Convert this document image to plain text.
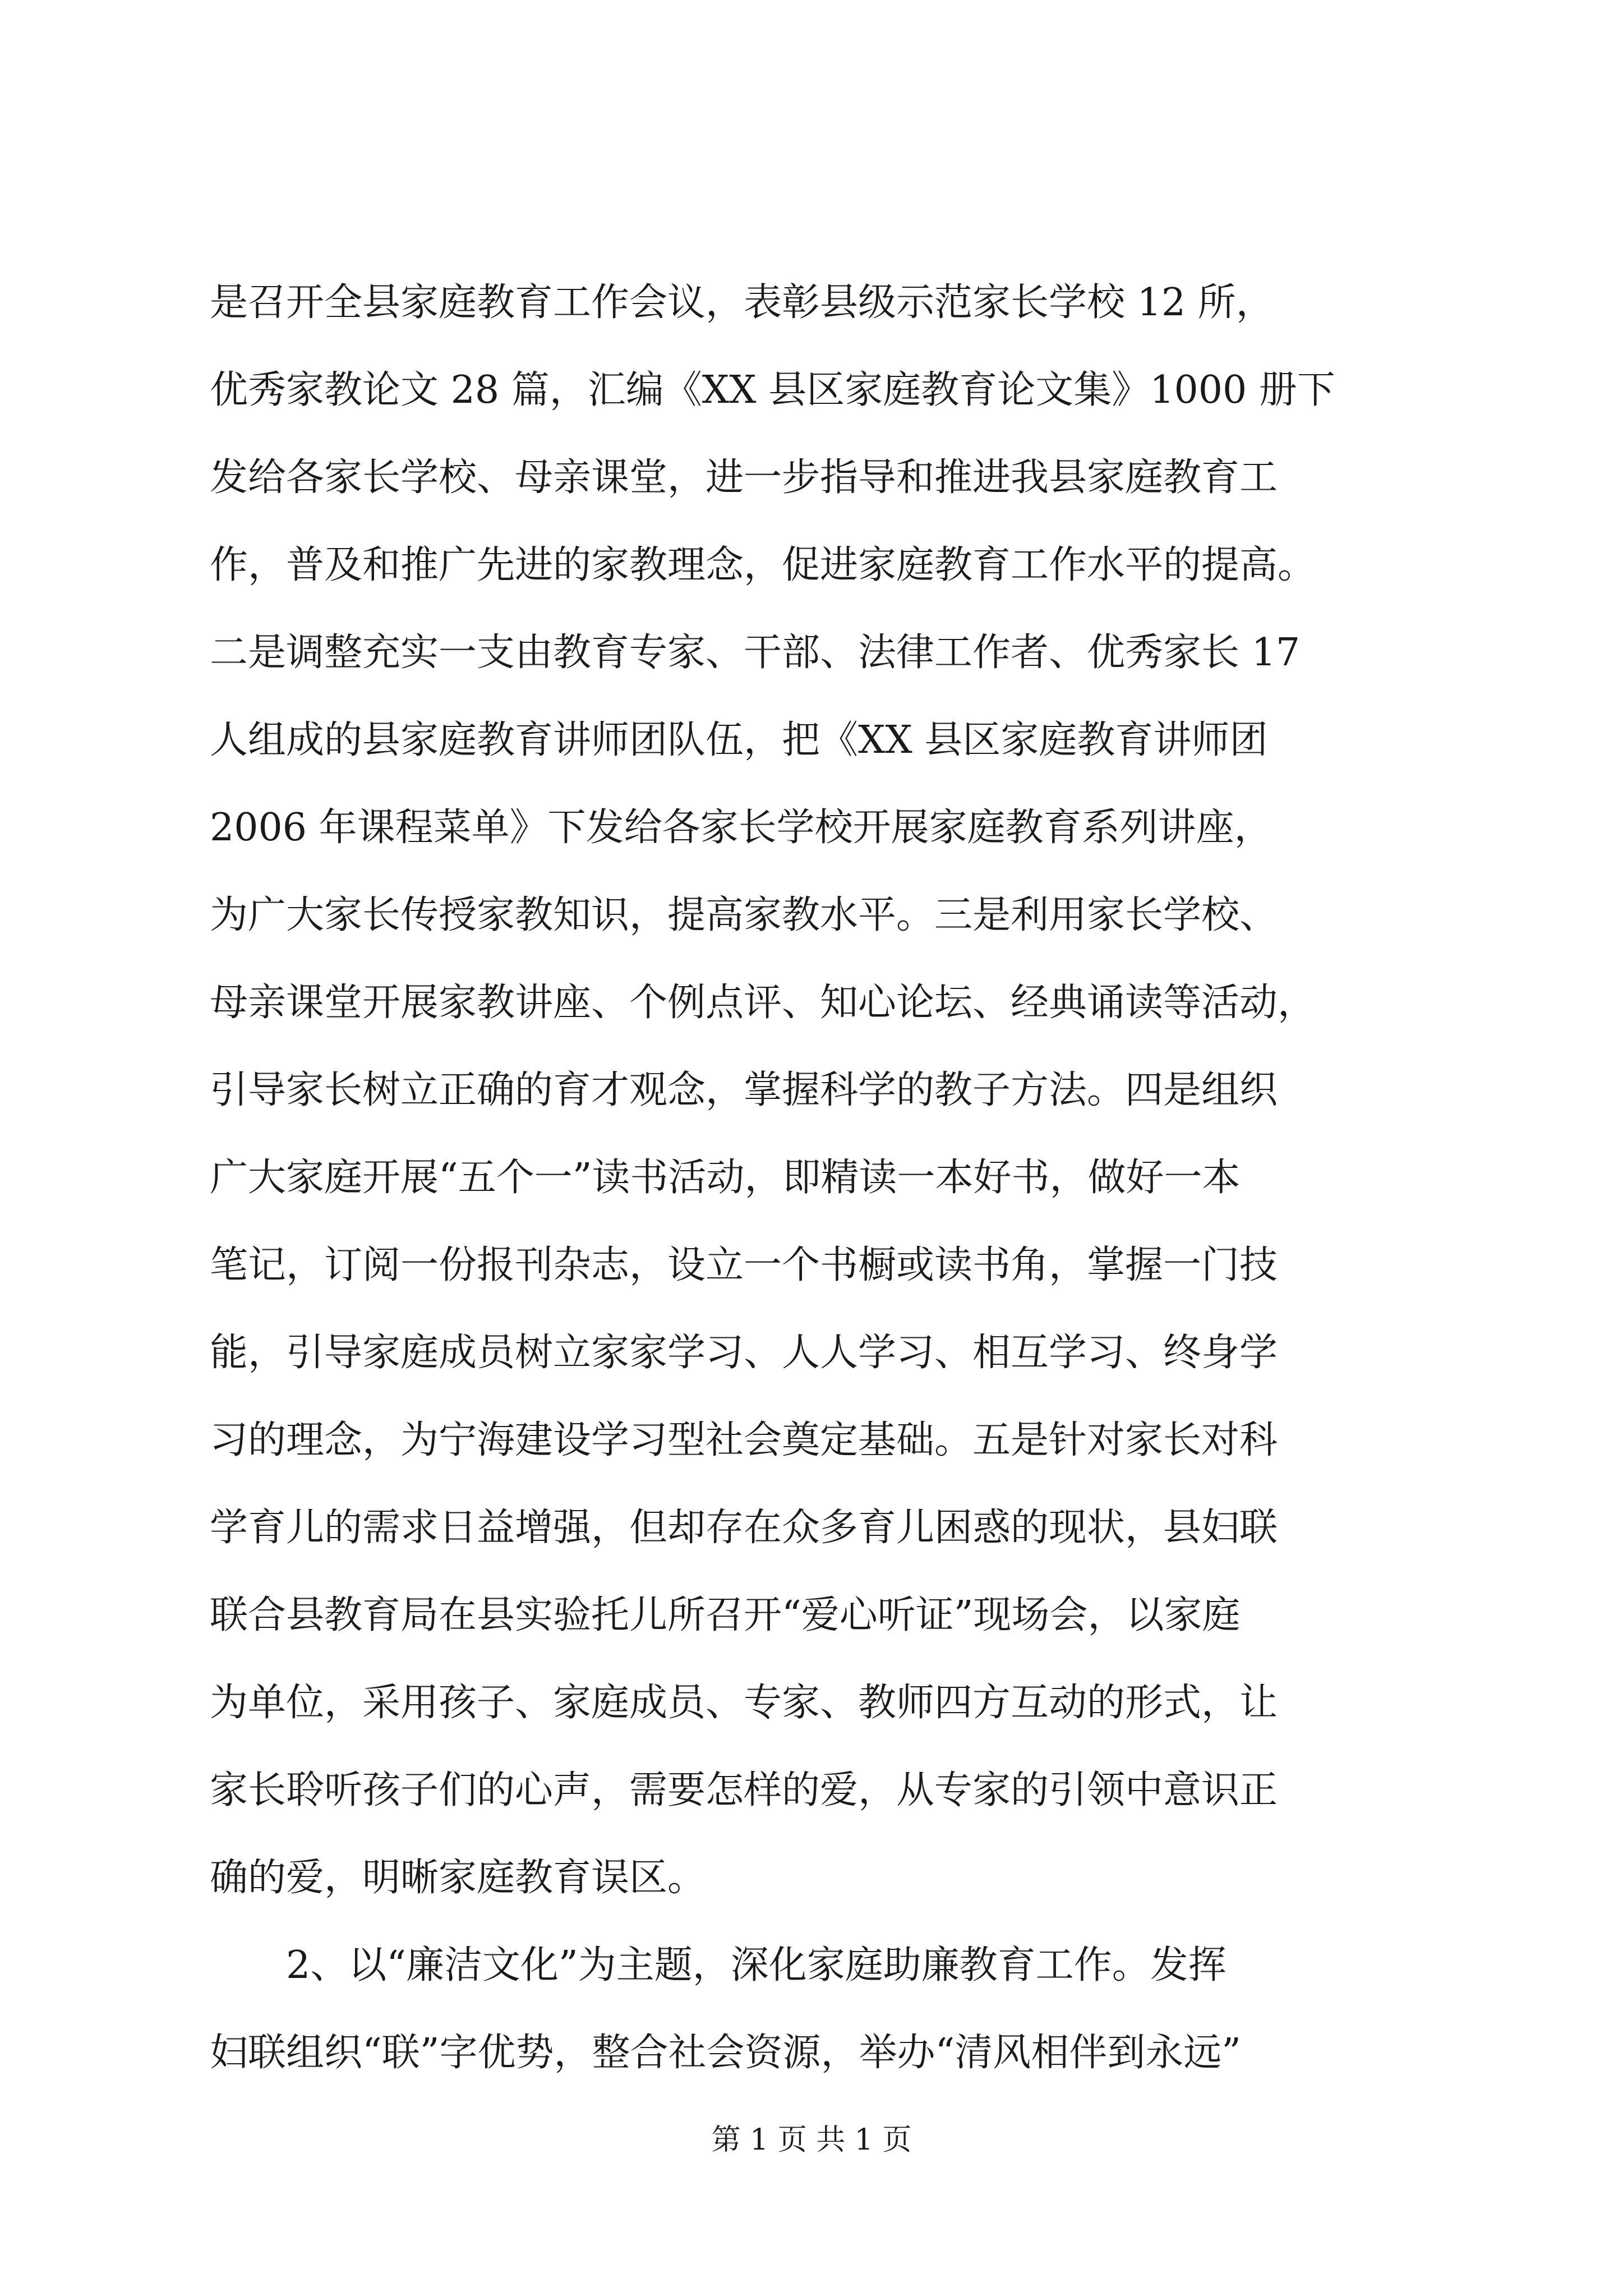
是召开全县家庭教育工作会议，表彰县级示范家长学校 12 所，
优秀家教论文 28 篇，汇编《XX 县区家庭教育论文集》1000 册下
发给各家长学校、母亲课堂，进一步指导和推进我县家庭教育工
作，普及和推广先进的家教理念，促进家庭教育工作水平的提高。
二是调整充实一支由教育专家、干部、法律工作者、优秀家长 17
人组成的县家庭教育讲师团队伍，把《XX 县区家庭教育讲师团
2006 年课程菜单》下发给各家长学校开展家庭教育系列讲座，
为广大家长传授家教知识，提高家教水平。三是利用家长学校、
母亲课堂开展家教讲座、个例点评、知心论坛、经典诵读等活动，
引导家长树立正确的育才观念，掌握科学的教子方法。四是组织
广大家庭开展“五个一”读书活动，即精读一本好书，做好一本
笔记，订阅一份报刊杂志，设立一个书橱或读书角，掌握一门技
能，引导家庭成员树立家家学习、人人学习、相互学习、终身学
习的理念，为宁海建设学习型社会奠定基础。五是针对家长对科
学育儿的需求日益增强，但却存在众多育儿困惑的现状，县妇联
联合县教育局在县实验托儿所召开“爱心听证”现场会，以家庭
为单位，采用孩子、家庭成员、专家、教师四方互动的形式，让
家长聆听孩子们的心声，需要怎样的爱，从专家的引领中意识正
确的爱，明晰家庭教育误区。
2、以“廉洁文化”为主题，深化家庭助廉教育工作。发挥
妇联组织“联”字优势，整合社会资源，举办“清风相伴到永远”
第 1 页 共 1 页
